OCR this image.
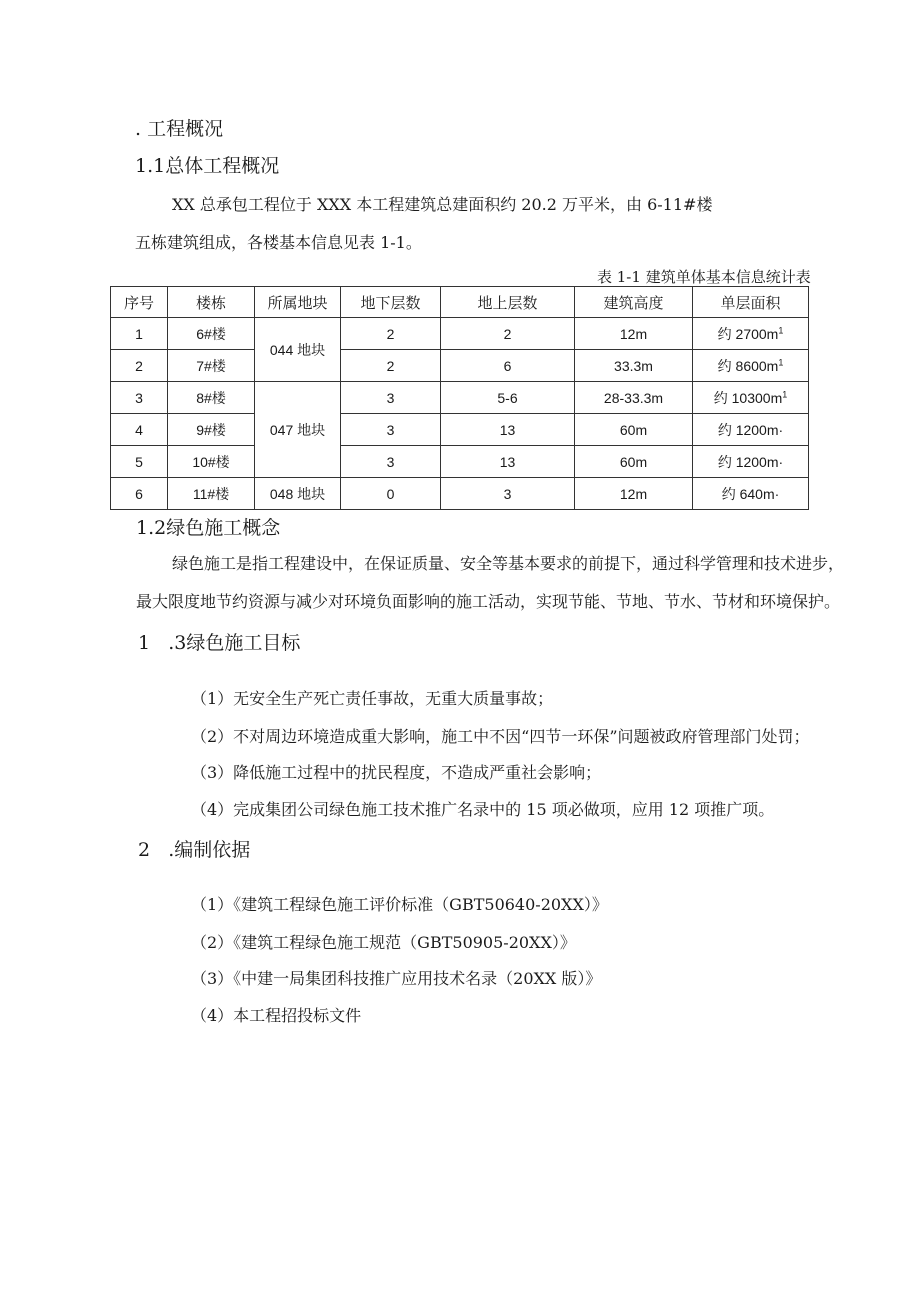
. 工程概况
1.1总体工程概况
XX 总承包工程位于 XXX 本工程建筑总建面积约 20.2 万平米，由 6-11#楼
五栋建筑组成，各楼基本信息见表 1-1。
表 1-1 建筑单体基本信息统计表
序号	楼栋	所属地块	地下层数	地上层数	建筑高度	单层面积
1	6#楼	044 地块	2	2	12m	约 $2700m^1$
2	7#楼		2	6	33.3m	约 $8600m^1$
3	8#楼	047 地块	3	5-6	28-33.3m	约 $10300m^1$
4	9#楼		3	13	60m	约 1200m·
5	10#楼		3	13	60m	约 1200m·
6	11#楼	048 地块	0	3	12m	约 640m·
1.2绿色施工概念
绿色施工是指工程建设中，在保证质量、安全等基本要求的前提下，通过科学管理和技术进步，
最大限度地节约资源与减少对环境负面影响的施工活动，实现节能、节地、节水、节材和环境保护。
1   .3绿色施工目标
（1）无安全生产死亡责任事故，无重大质量事故；
（2）不对周边环境造成重大影响，施工中不因“四节一环保”问题被政府管理部门处罚；
（3）降低施工过程中的扰民程度，不造成严重社会影响；
（4）完成集团公司绿色施工技术推广名录中的 15 项必做项，应用 12 项推广项。
2   .编制依据
（1）《建筑工程绿色施工评价标准（GBT50640-20XX）》
（2）《建筑工程绿色施工规范（GBT50905-20XX）》
（3）《中建一局集团科技推广应用技术名录（20XX 版）》
（4）本工程招投标文件
